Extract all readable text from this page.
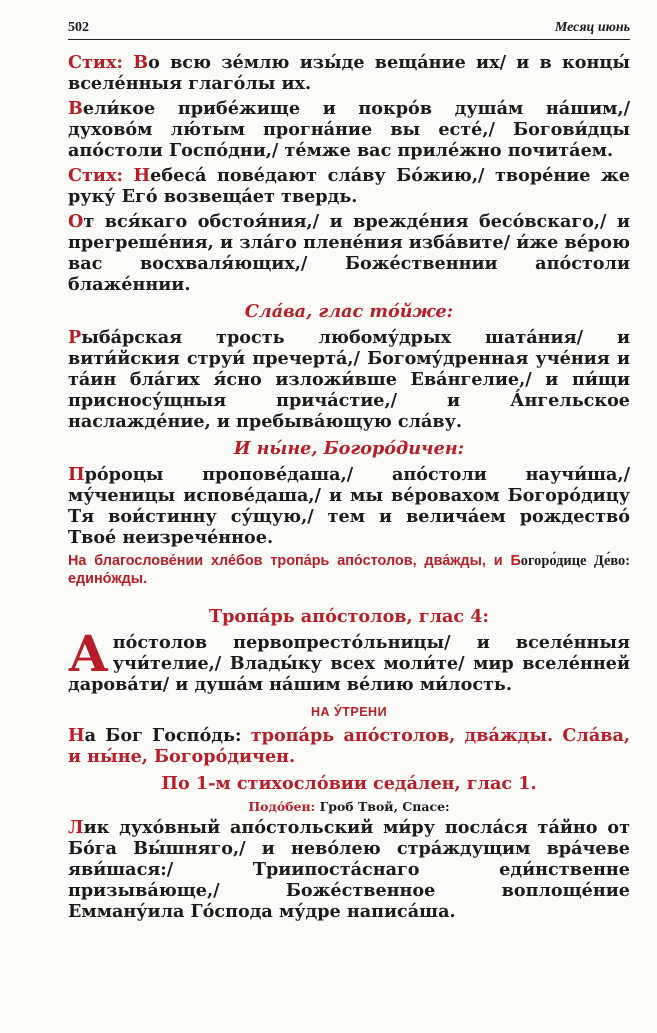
502	Месяц июнь

Стих: Во всю зе́млю изы́де веща́ние их/ и в концы́ вселе́нныя глаго́лы их.

Вели́кое прибе́жище и покро́в душа́м на́шим,/ духово́м лю́тым прогна́ние вы есте́,/ Богови́дцы апо́столи Госпо́дни,/ те́мже вас приле́жно почита́ем.

Стих: Небеса́ пове́дают сла́ву Бо́жию,/ творе́ние же руку́ Его́ возвеща́ет твердь.

От вся́каго обстоя́ния,/ и вреждéния бесо́вскаго,/ и прегреше́ния, и зла́го плене́ния изба́вите/ и́же ве́рою вас восхваля́ющих,/ Боже́ственнии апо́столи блаже́ннии.

Сла́ва, глас то́йже:

Рыба́рская трость любому́дрых шата́ния/ и вити́йския струи́ пречерта́,/ Богому́дренная уче́ния и та́ин бла́гих я́сно изложи́вше Ева́нгелие,/ и пи́щи присносу́щныя причáстие,/ и А́нгельское наслажде́ние, и пребыва́ющую сла́ву.

И ны́не, Богоро́дичен:

Про́роцы пропове́даша,/ апо́столи научи́ша,/ му́ченицы испове́даша,/ и мы ве́ровахом Богоро́дицу Тя вои́стинну су́щую,/ тем и велича́ем рождество́ Твое́ неизрече́нное.

На благослове́нии хле́бов тропа́рь апо́столов, два́жды, и Богоро́дице Де́во: едино́жды.
Тропа́рь апо́столов, глас 4:

Апо́столов первопресто́льницы/ и вселе́нныя учи́телие,/ Влады́ку всех моли́те/ мир вселе́нней дарова́ти/ и душа́м на́шим ве́лию ми́лость.

НА У́ТРЕНИ

На Бог Госпо́дь: тропа́рь апо́столов, два́жды. Сла́ва, и ны́не, Богоро́дичен.

По 1-м стихосло́вии седа́лен, глас 1.
Подо́бен: Гроб Твой, Спасе:

Лик духо́вный апо́стольский ми́ру посла́ся та́йно от Бо́га Вы́шняго,/ и нево́лею стра́ждущим вра́чеве яви́шася:/ Триипоста́снаго еди́нственне призыва́юще,/ Боже́ственное воплоще́ние Емману́ила Го́спода му́дре написа́ша.
